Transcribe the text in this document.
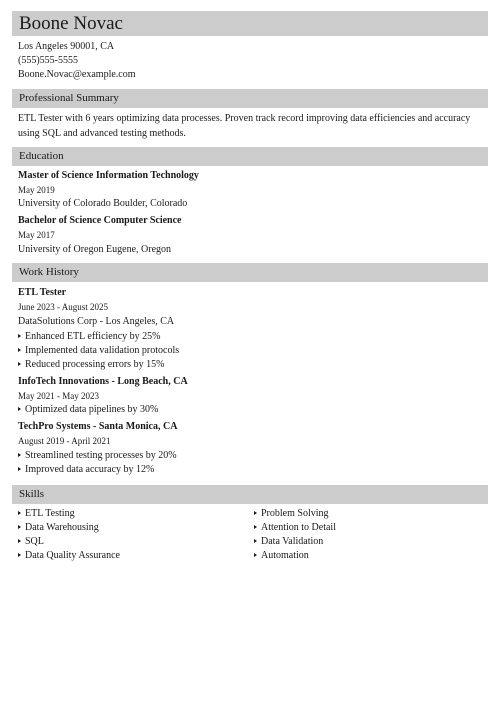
Boone Novac
Los Angeles 90001, CA
(555)555-5555
Boone.Novac@example.com
Professional Summary
ETL Tester with 6 years optimizing data processes. Proven track record improving data efficiencies and accuracy using SQL and advanced testing methods.
Education
Master of Science Information Technology
May 2019
University of Colorado Boulder, Colorado
Bachelor of Science Computer Science
May 2017
University of Oregon Eugene, Oregon
Work History
ETL Tester
June 2023 - August 2025
DataSolutions Corp - Los Angeles, CA
Enhanced ETL efficiency by 25%
Implemented data validation protocols
Reduced processing errors by 15%
InfoTech Innovations - Long Beach, CA
May 2021 - May 2023
Optimized data pipelines by 30%
TechPro Systems - Santa Monica, CA
August 2019 - April 2021
Streamlined testing processes by 20%
Improved data accuracy by 12%
Skills
ETL Testing
Data Warehousing
SQL
Data Quality Assurance
Problem Solving
Attention to Detail
Data Validation
Automation
